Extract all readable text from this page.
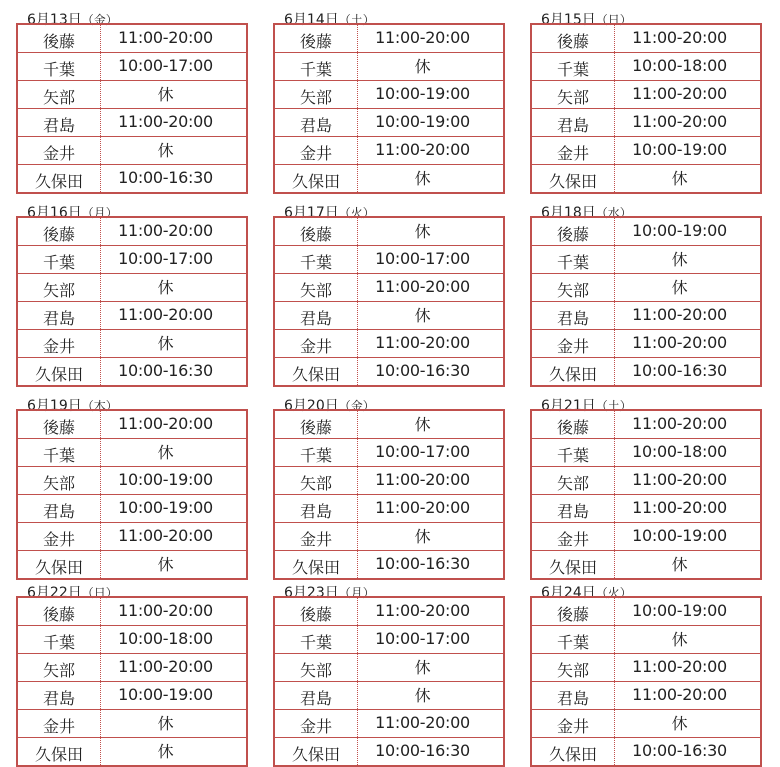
6月13日（金）
後藤	11:00-20:00
千葉	10:00-17:00
矢部	休
君島	11:00-20:00
金井	休
久保田	10:00-16:30
6月14日（土）
後藤	11:00-20:00
千葉	休
矢部	10:00-19:00
君島	10:00-19:00
金井	11:00-20:00
久保田	休
6月15日（日）
後藤	11:00-20:00
千葉	10:00-18:00
矢部	11:00-20:00
君島	11:00-20:00
金井	10:00-19:00
久保田	休
6月16日（月）
後藤	11:00-20:00
千葉	10:00-17:00
矢部	休
君島	11:00-20:00
金井	休
久保田	10:00-16:30
6月17日（火）
後藤	休
千葉	10:00-17:00
矢部	11:00-20:00
君島	休
金井	11:00-20:00
久保田	10:00-16:30
6月18日（水）
後藤	10:00-19:00
千葉	休
矢部	休
君島	11:00-20:00
金井	11:00-20:00
久保田	10:00-16:30
6月19日（木）
後藤	11:00-20:00
千葉	休
矢部	10:00-19:00
君島	10:00-19:00
金井	11:00-20:00
久保田	休
6月20日（金）
後藤	休
千葉	10:00-17:00
矢部	11:00-20:00
君島	11:00-20:00
金井	休
久保田	10:00-16:30
6月21日（土）
後藤	11:00-20:00
千葉	10:00-18:00
矢部	11:00-20:00
君島	11:00-20:00
金井	10:00-19:00
久保田	休
6月22日（日）
後藤	11:00-20:00
千葉	10:00-18:00
矢部	11:00-20:00
君島	10:00-19:00
金井	休
久保田	休
6月23日（月）
後藤	11:00-20:00
千葉	10:00-17:00
矢部	休
君島	休
金井	11:00-20:00
久保田	10:00-16:30
6月24日（火）
後藤	10:00-19:00
千葉	休
矢部	11:00-20:00
君島	11:00-20:00
金井	休
久保田	10:00-16:30
